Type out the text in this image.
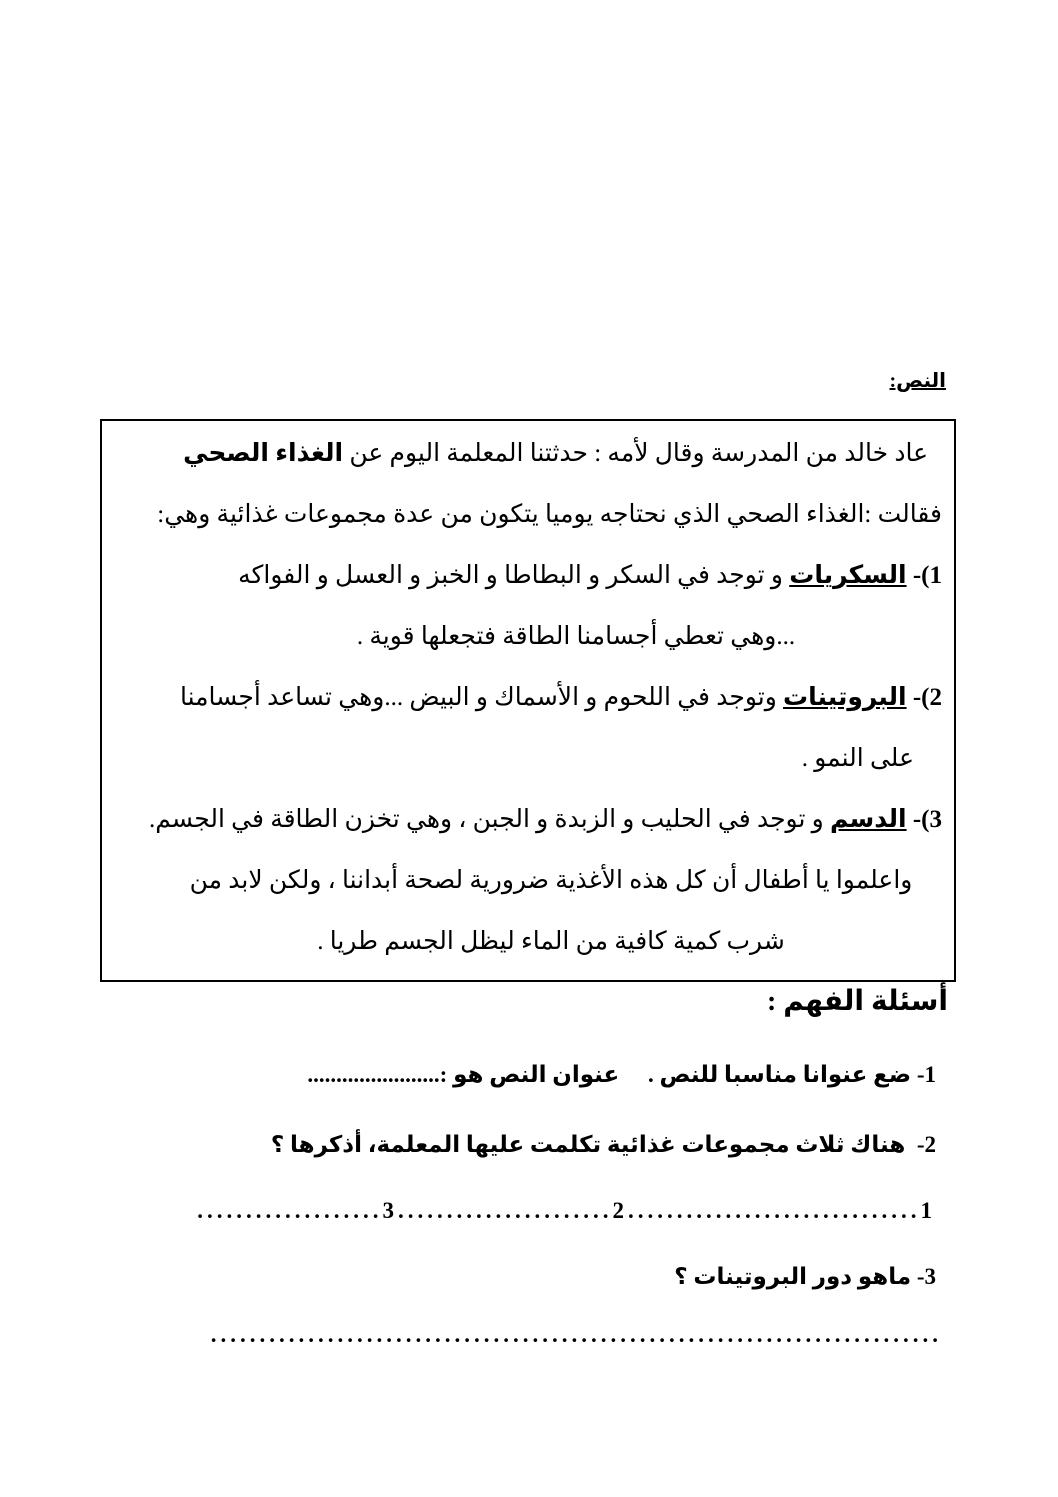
النص:
عاد خالد من المدرسة وقال لأمه : حدثتنا المعلمة اليوم عن الغذاء الصحي
فقالت :الغذاء الصحي الذي نحتاجه يوميا يتكون من عدة مجموعات غذائية وهي:
1)- السكريات و توجد في السكر و البطاطا و الخبز و العسل و الفواكه
...وهي تعطي أجسامنا الطاقة فتجعلها قوية .
2)- البروتينات وتوجد في اللحوم و الأسماك و البيض ...وهي تساعد أجسامنا
على النمو .
3)- الدسم و توجد في الحليب و الزبدة و الجبن ، وهي تخزن الطاقة في الجسم.
واعلموا يا أطفال أن كل هذه الأغذية ضرورية لصحة أبداننا ، ولكن لابد من
شرب كمية كافية من الماء ليظل الجسم طريا .
أسئلة الفهم :
1- ضع عنوانا مناسبا للنص .     عنوان النص هو :.......................
2-  هناك ثلاث مجموعات غذائية تكلمت عليها المعلمة، أذكرها ؟
1..............................2......................3...................
3- ماهو دور البروتينات ؟
...........................................................................
